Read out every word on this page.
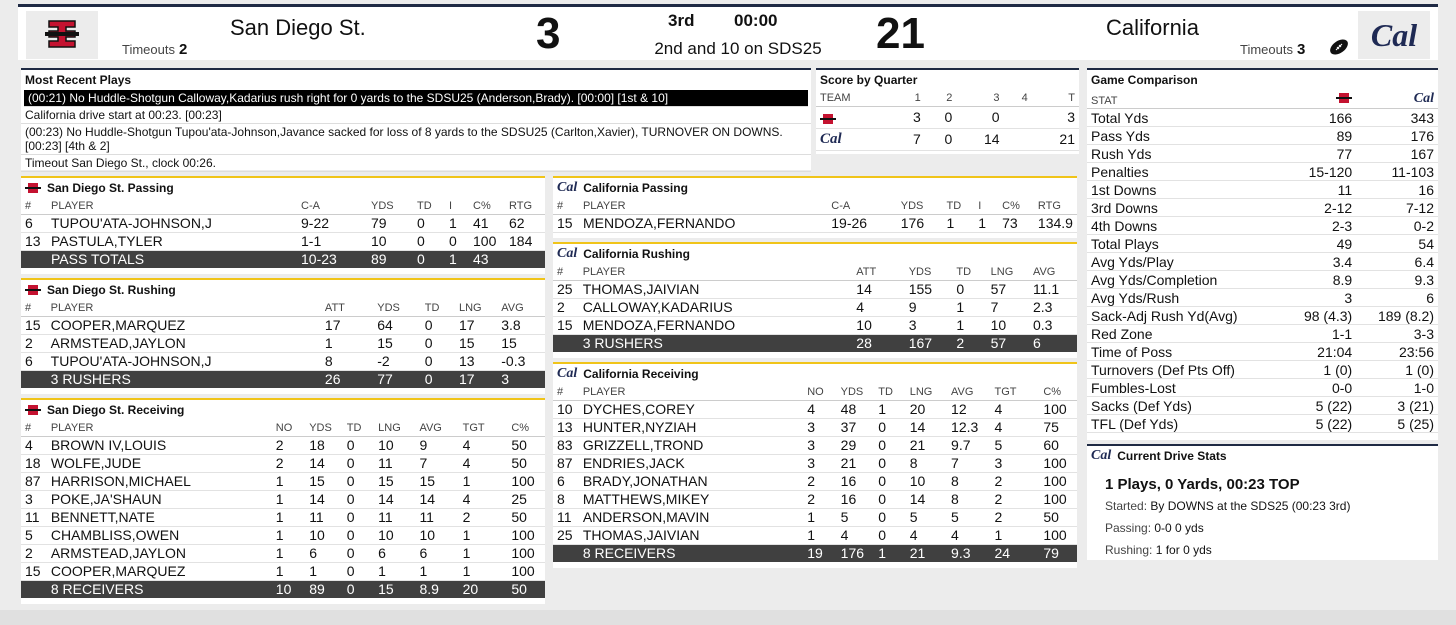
San Diego St.
Timeouts 2	3	3rd 00:00
2nd and 10 on SDS25	21	California
Timeouts 3 Cal
Most Recent Plays
(00:21) No Huddle-Shotgun Calloway,Kadarius rush right for 0 yards to the SDSU25 (Anderson,Brady). [00:00] [1st & 10]
California drive start at 00:23. [00:23]
(00:23) No Huddle-Shotgun Tupou'ata-Johnson,Javance sacked for loss of 8 yards to the SDSU25 (Carlton,Xavier), TURNOVER ON DOWNS. [00:23] [4th & 2]
Timeout San Diego St., clock 00:26.
Score by Quarter
TEAM	1	2	3	4	T
	3	0	0		3
Cal	7	0	14		21
Game Comparison
STAT		Cal
Total Yds	166	343
Pass Yds	89	176
Rush Yds	77	167
Penalties	15-120	11-103
1st Downs	11	16
3rd Downs	2-12	7-12
4th Downs	2-3	0-2
Total Plays	49	54
Avg Yds/Play	3.4	6.4
Avg Yds/Completion	8.9	9.3
Avg Yds/Rush	3	6
Sack-Adj Rush Yd(Avg)	98 (4.3)	189 (8.2)
Red Zone	1-1	3-3
Time of Poss	21:04	23:56
Turnovers (Def Pts Off)	1 (0)	1 (0)
Fumbles-Lost	0-0	1-0
Sacks (Def Yds)	5 (22)	3 (21)
TFL (Def Yds)	5 (22)	5 (25)
Cal Current Drive Stats
1 Plays, 0 Yards, 00:23 TOP
Started: By DOWNS at the SDS25 (00:23 3rd)
Passing: 0-0 0 yds
Rushing: 1 for 0 yds
San Diego St. Passing
#	PLAYER	C-A	YDS	TD	I	C%	RTG
6	TUPOU'ATA-JOHNSON,J	9-22	79	0	1	41	62
13	PASTULA,TYLER	1-1	10	0	0	100	184
	PASS TOTALS	10-23	89	0	1	43	
San Diego St. Rushing
#	PLAYER	ATT	YDS	TD	LNG	AVG
15	COOPER,MARQUEZ	17	64	0	17	3.8
2	ARMSTEAD,JAYLON	1	15	0	15	15
6	TUPOU'ATA-JOHNSON,J	8	-2	0	13	-0.3
	3 RUSHERS	26	77	0	17	3
San Diego St. Receiving
#	PLAYER	NO	YDS	TD	LNG	AVG	TGT	C%
4	BROWN IV,LOUIS	2	18	0	10	9	4	50
18	WOLFE,JUDE	2	14	0	11	7	4	50
87	HARRISON,MICHAEL	1	15	0	15	15	1	100
3	POKE,JA'SHAUN	1	14	0	14	14	4	25
11	BENNETT,NATE	1	11	0	11	11	2	50
5	CHAMBLISS,OWEN	1	10	0	10	10	1	100
2	ARMSTEAD,JAYLON	1	6	0	6	6	1	100
15	COOPER,MARQUEZ	1	1	0	1	1	1	100
	8 RECEIVERS	10	89	0	15	8.9	20	50
Cal California Passing
#	PLAYER	C-A	YDS	TD	I	C%	RTG
15	MENDOZA,FERNANDO	19-26	176	1	1	73	134.9
Cal California Rushing
#	PLAYER	ATT	YDS	TD	LNG	AVG
25	THOMAS,JAIVIAN	14	155	0	57	11.1
2	CALLOWAY,KADARIUS	4	9	1	7	2.3
15	MENDOZA,FERNANDO	10	3	1	10	0.3
	3 RUSHERS	28	167	2	57	6
Cal California Receiving
#	PLAYER	NO	YDS	TD	LNG	AVG	TGT	C%
10	DYCHES,COREY	4	48	1	20	12	4	100
13	HUNTER,NYZIAH	3	37	0	14	12.3	4	75
83	GRIZZELL,TROND	3	29	0	21	9.7	5	60
87	ENDRIES,JACK	3	21	0	8	7	3	100
6	BRADY,JONATHAN	2	16	0	10	8	2	100
8	MATTHEWS,MIKEY	2	16	0	14	8	2	100
11	ANDERSON,MAVIN	1	5	0	5	5	2	50
25	THOMAS,JAIVIAN	1	4	0	4	4	1	100
	8 RECEIVERS	19	176	1	21	9.3	24	79
